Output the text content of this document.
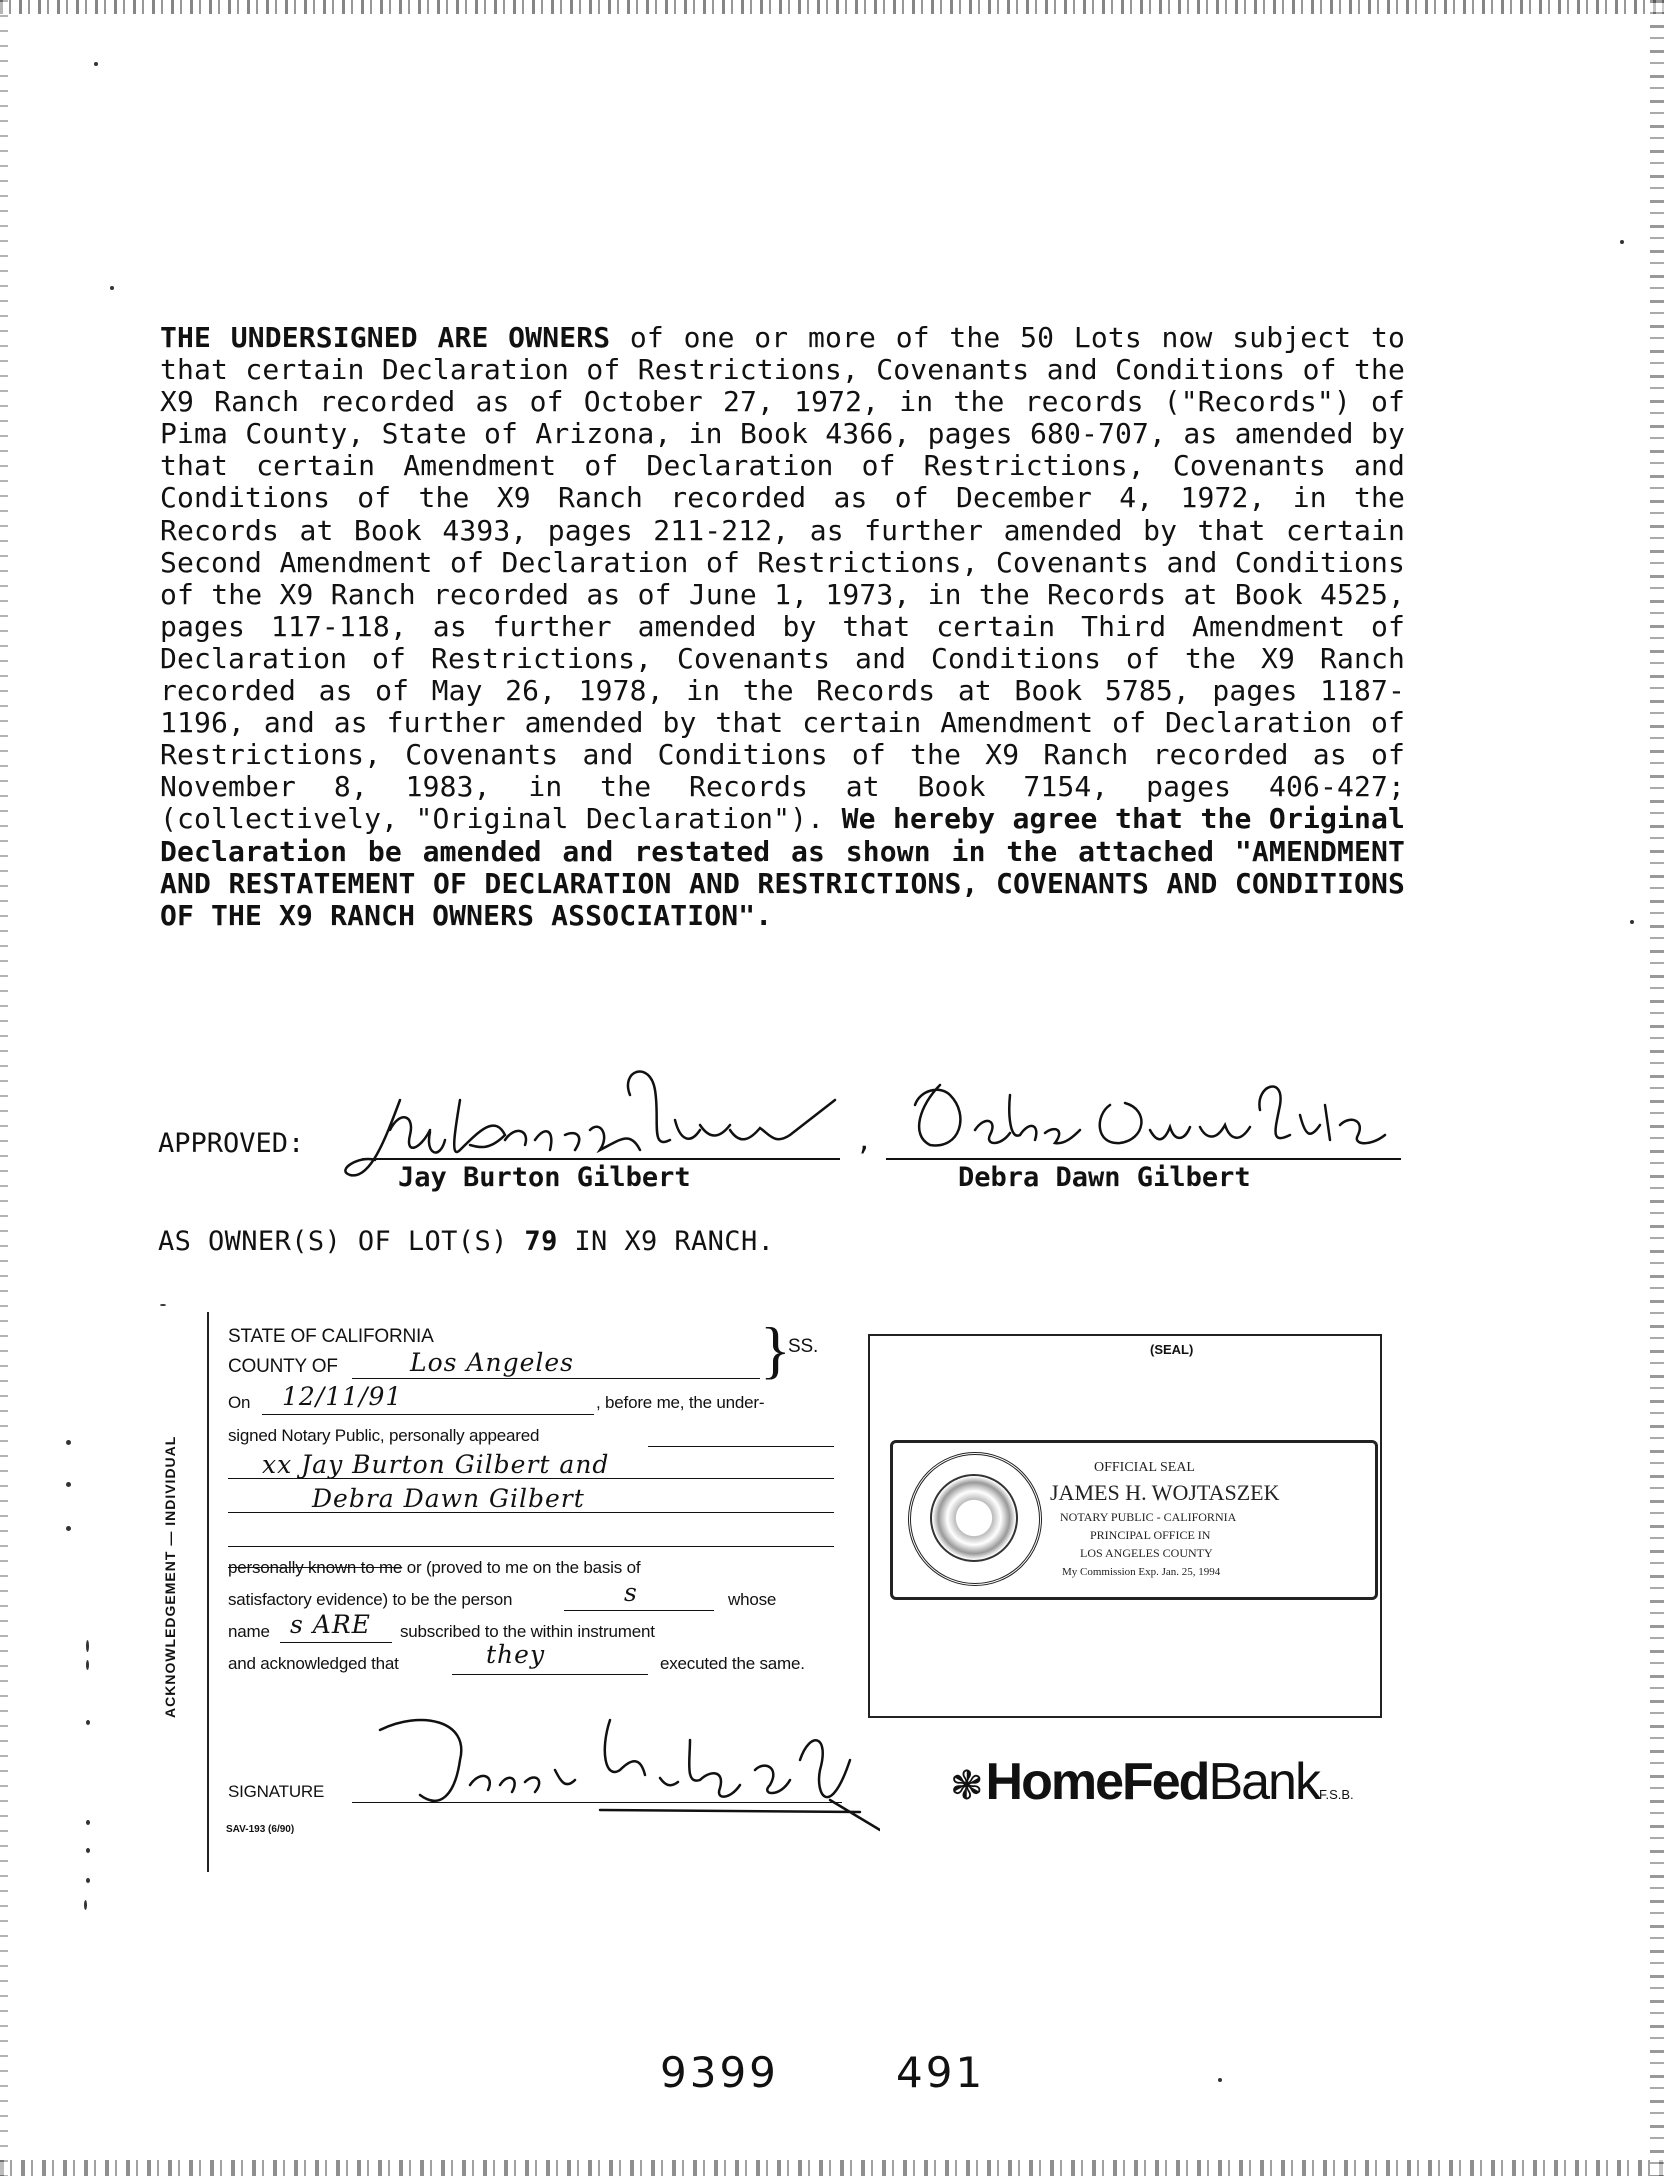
THE UNDERSIGNED ARE OWNERS of one or more of the 50 Lots now subject to that certain Declaration of Restrictions, Covenants and Conditions of the X9 Ranch recorded as of October 27, 1972, in the records ("Records") of Pima County, State of Arizona, in Book 4366, pages 680-707, as amended by that certain Amendment of Declaration of Restrictions, Covenants and Conditions of the X9 Ranch recorded as of December 4, 1972, in the Records at Book 4393, pages 211-212, as further amended by that certain Second Amendment of Declaration of Restrictions, Covenants and Conditions of the X9 Ranch recorded as of June 1, 1973, in the Records at Book 4525, pages 117-118, as further amended by that certain Third Amendment of Declaration of Restrictions, Covenants and Conditions of the X9 Ranch recorded as of May 26, 1978, in the Records at Book 5785, pages 1187-1196, and as further amended by that certain Amendment of Declaration of Restrictions, Covenants and Conditions of the X9 Ranch recorded as of November 8, 1983, in the Records at Book 7154, pages 406-427; (collectively, "Original Declaration"). We hereby agree that the Original Declaration be amended and restated as shown in the attached "AMENDMENT AND RESTATEMENT OF DECLARATION AND RESTRICTIONS, COVENANTS AND CONDITIONS OF THE X9 RANCH OWNERS ASSOCIATION".
APPROVED:	,
Jay Burton Gilbert	Debra Dawn Gilbert
AS OWNER(S) OF LOT(S) 79 IN X9 RANCH.
ACKNOWLEDGEMENT — INDIVIDUAL
STATE OF CALIFORNIA
COUNTY OF	Los Angeles	}
SS.
On 12/11/91	, before me, the under-
signed Notary Public, personally appeared
xx Jay Burton Gilbert and
Debra Dawn Gilbert
personally known to me or (proved to me on the basis of
satisfactory evidence) to be the person	s	whose
name s ARE subscribed to the within instrument
and acknowledged that	they	executed the same.
SIGNATURE
SAV-193 (6/90)
(SEAL)
OFFICIAL SEAL
JAMES H. WOJTASZEK
NOTARY PUBLIC - CALIFORNIA
PRINCIPAL OFFICE IN
LOS ANGELES COUNTY
My Commission Exp. Jan. 25, 1994
❃HomeFedBankF.S.B.
9399	491
